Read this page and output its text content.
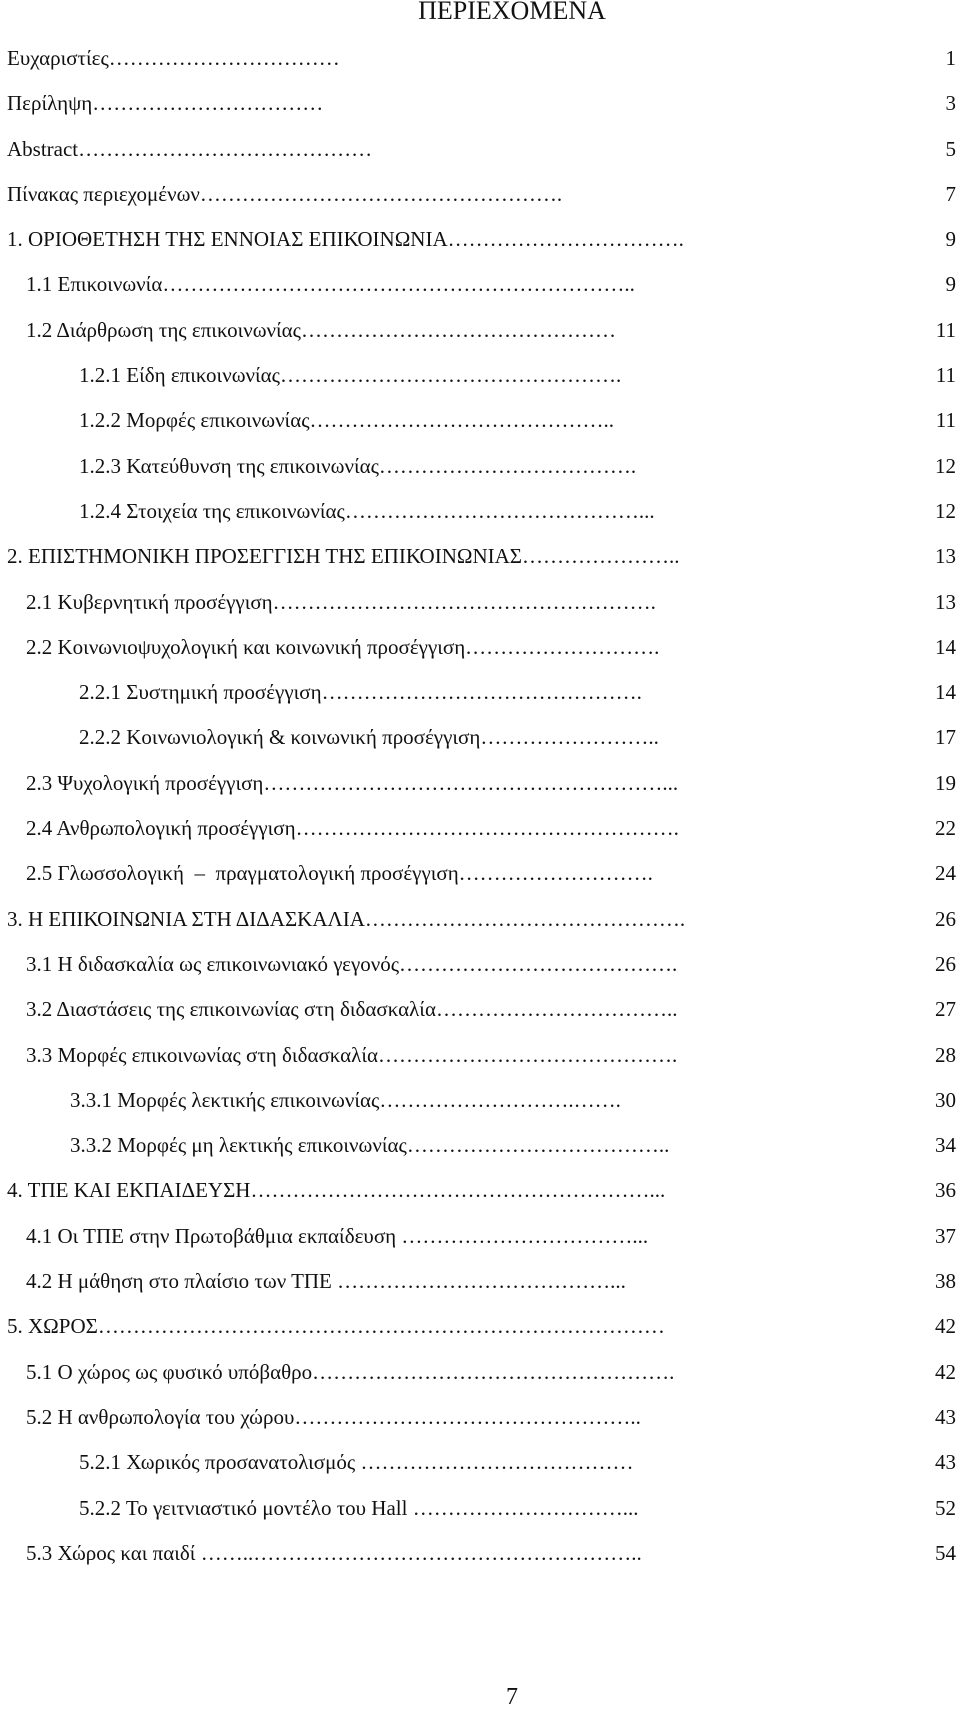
ΠΕΡΙΕΧΟΜΕΝΑ
Ευχαριστίες……………………………	1
Περίληψη……………………………	3
Abstract……………………………………	5
Πίνακας περιεχομένων…………………………………………….	7
1. ΟΡΙΟΘΕΤΗΣΗ ΤΗΣ ΕΝΝΟΙΑΣ ΕΠΙΚΟΙΝΩΝΙΑ…………………………….	9
1.1 Επικοινωνία…………………………………………………………..	9
1.2 Διάρθρωση της επικοινωνίας………………………………………	11
1.2.1 Είδη επικοινωνίας………………………………………….	11
1.2.2 Μορφές επικοινωνίας……………………………………..	11
1.2.3 Κατεύθυνση της επικοινωνίας……………………………….	12
1.2.4 Στοιχεία της επικοινωνίας……………………………………...	12
2. ΕΠΙΣΤΗΜΟΝΙΚΗ ΠΡΟΣΕΓΓΙΣΗ ΤΗΣ ΕΠΙΚΟΙΝΩΝΙΑΣ…………………..	13
2.1 Κυβερνητική προσέγγιση……………………………………………….	13
2.2 Κοινωνιοψυχολογική και κοινωνική προσέγγιση……………………….	14
2.2.1 Συστημική προσέγγιση……………………………………….	14
2.2.2 Κοινωνιολογική & κοινωνική προσέγγιση……………………..	17
2.3 Ψυχολογική προσέγγιση…………………………………………………...	19
2.4 Ανθρωπολογική προσέγγιση……………………………………………….	22
2.5 Γλωσσολογική  –  πραγματολογική προσέγγιση……………………….	24
3. Η ΕΠΙΚΟΙΝΩΝΙΑ ΣΤΗ ΔΙΔΑΣΚΑΛΙΑ……………………………………….	26
3.1 Η διδασκαλία ως επικοινωνιακό γεγονός………………………………….	26
3.2 Διαστάσεις της επικοινωνίας στη διδασκαλία……………………………..	27
3.3 Μορφές επικοινωνίας στη διδασκαλία…………………………………….	28
3.3.1 Μορφές λεκτικής επικοινωνίας……………………….…….	30
3.3.2 Μορφές μη λεκτικής επικοινωνίας………………………………..	34
4. ΤΠΕ ΚΑΙ ΕΚΠΑΙΔΕΥΣΗ…………………………………………………...	36
4.1 Οι ΤΠΕ στην Πρωτοβάθμια εκπαίδευση ……………………………...	37
4.2 Η μάθηση στο πλαίσιο των ΤΠΕ …………………………………...	38
5. ΧΩΡΟΣ………………………………………………………………………	42
5.1 Ο χώρος ως φυσικό υπόβαθρο…………………………………………….	42
5.2 Η ανθρωπολογία του χώρου…………………………………………..	43
5.2.1 Χωρικός προσανατολισμός …………………………………	43
5.2.2 Το γειτνιαστικό μοντέλο του Hall …………………………...	52
5.3 Χώρος και παιδί ……..………………………………………………..	54
7
